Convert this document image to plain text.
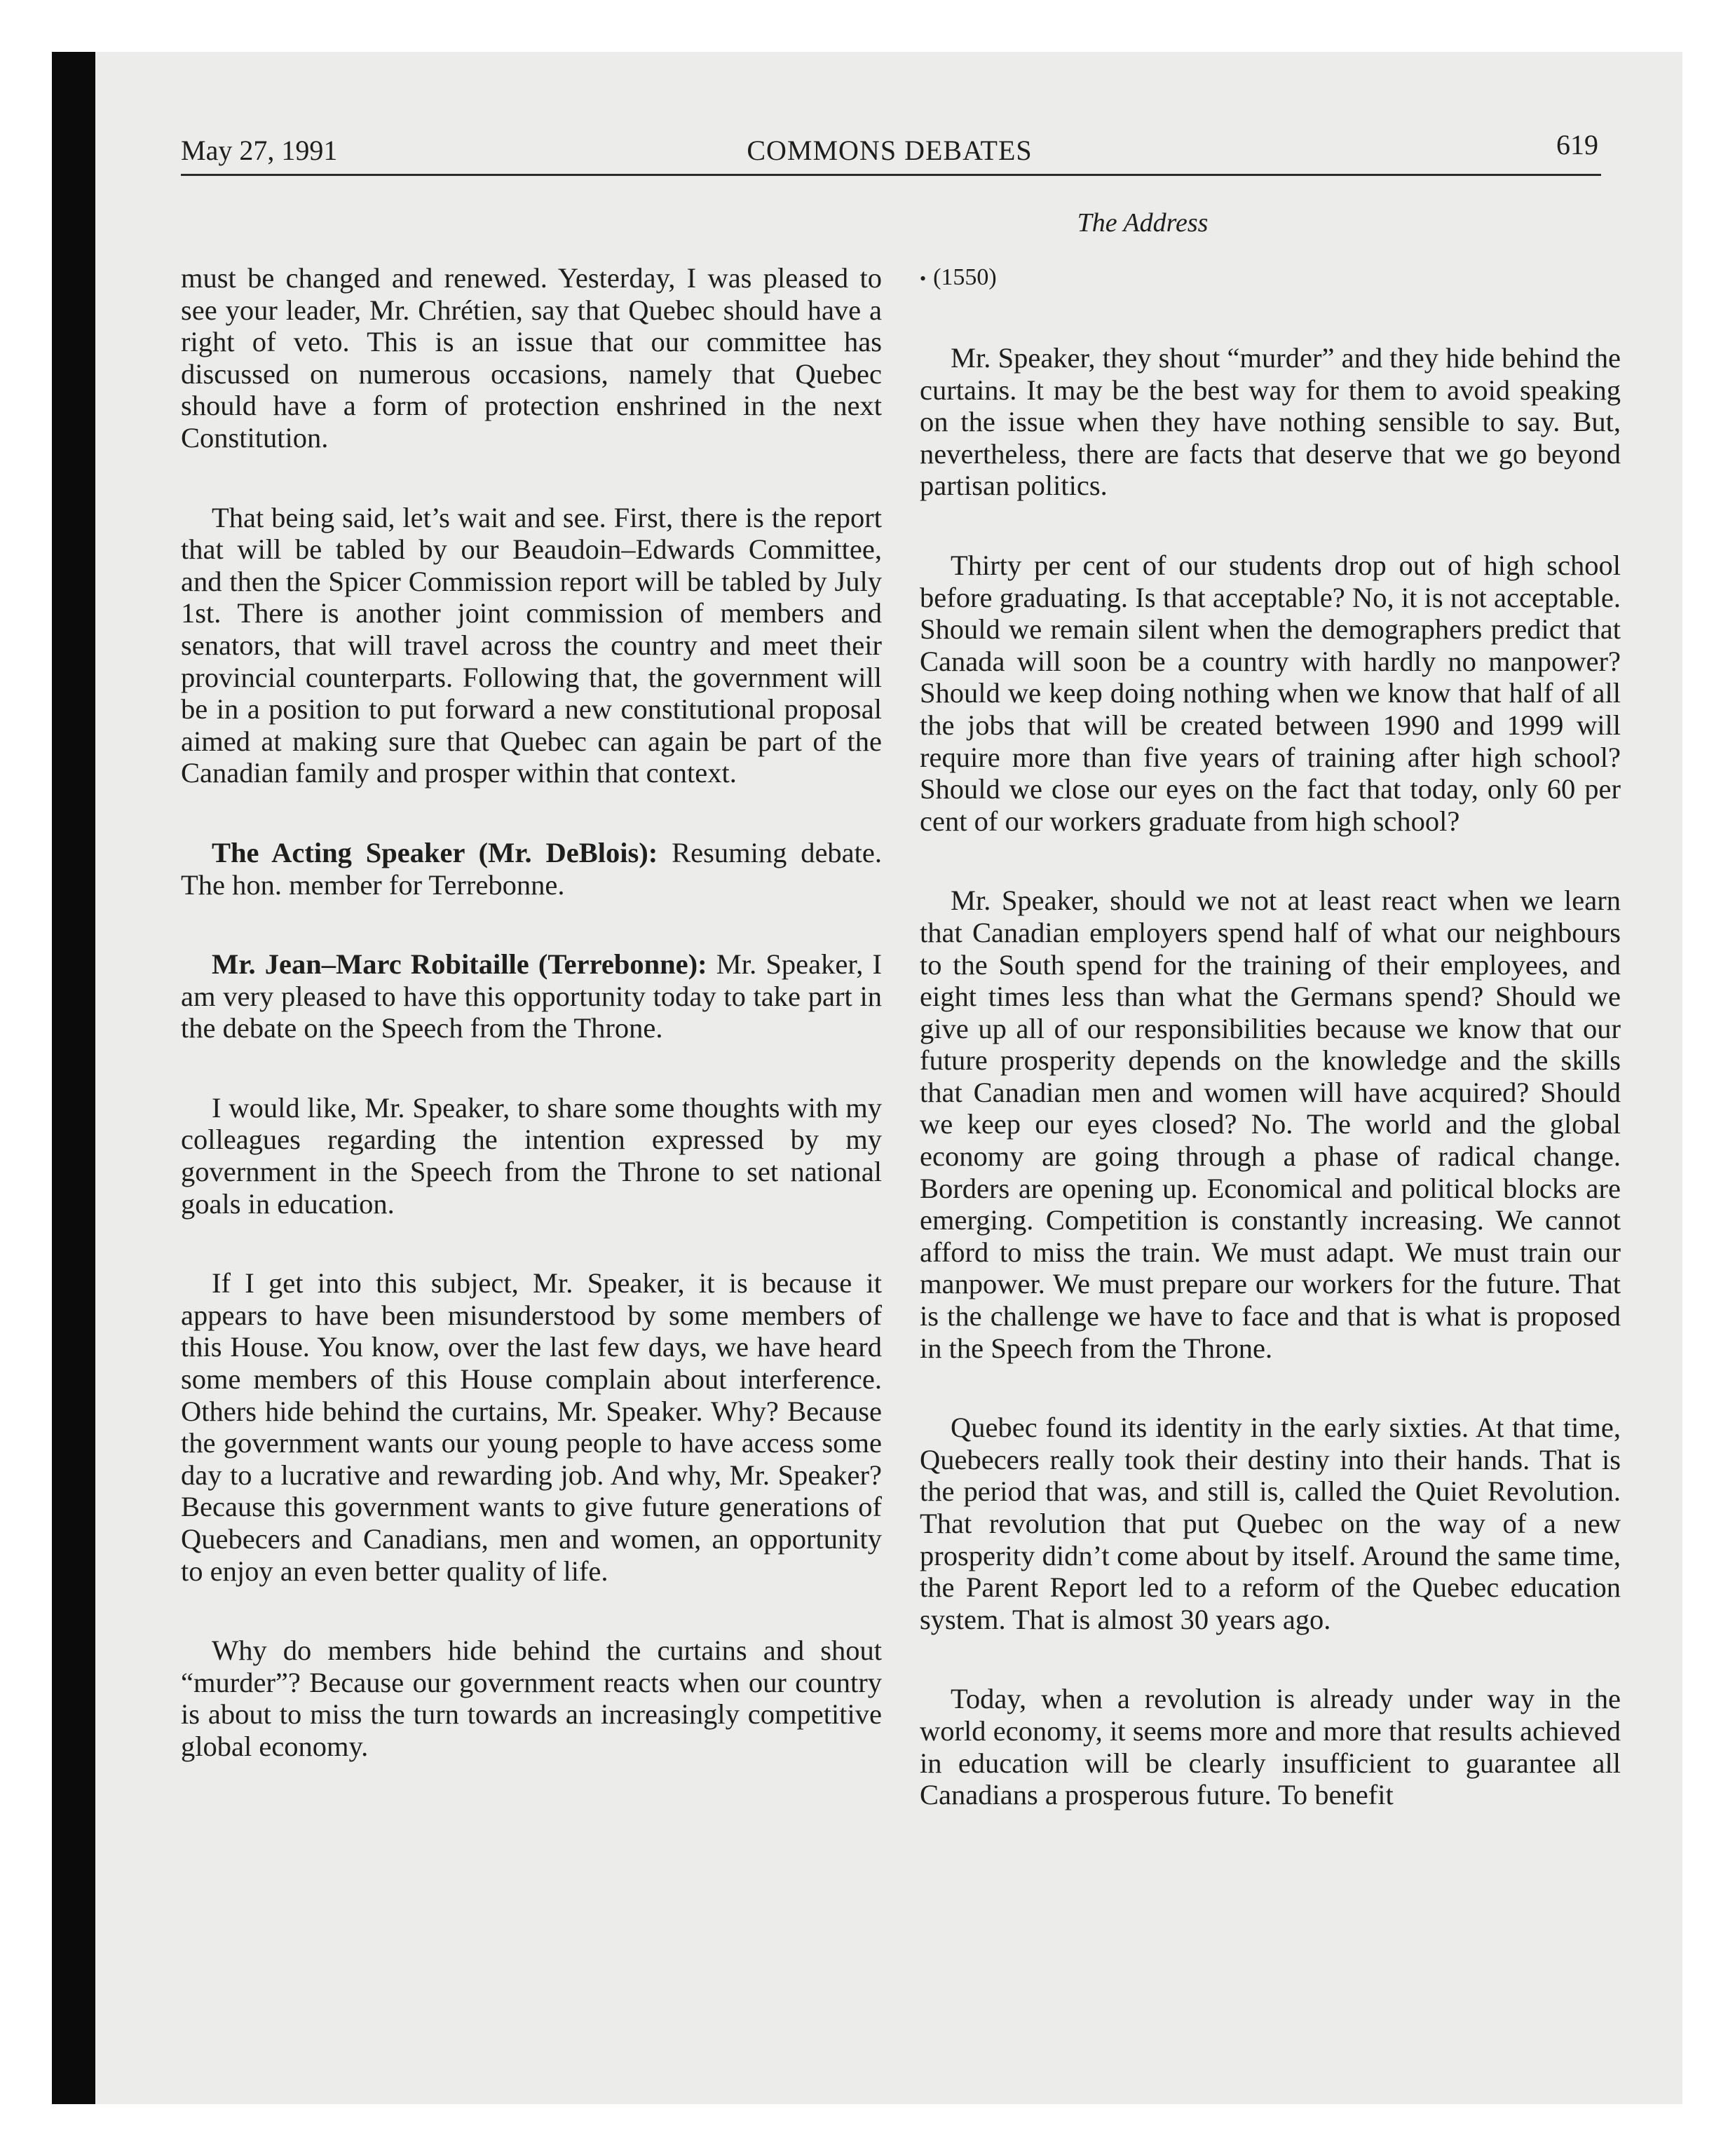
May 27, 1991	COMMONS DEBATES	619
The Address

must be changed and renewed. Yesterday, I was pleased to see your leader, Mr. Chrétien, say that Quebec should have a right of veto. This is an issue that our committee has discussed on numerous occasions, namely that Quebec should have a form of protection enshrined in the next Constitution.

That being said, let’s wait and see. First, there is the report that will be tabled by our Beaudoin–Edwards Committee, and then the Spicer Commission report will be tabled by July 1st. There is another joint commission of members and senators, that will travel across the country and meet their provincial counterparts. Following that, the government will be in a position to put forward a new constitutional proposal aimed at making sure that Quebec can again be part of the Canadian family and prosper within that context.

The Acting Speaker (Mr. DeBlois): Resuming debate. The hon. member for Terrebonne.

Mr. Jean–Marc Robitaille (Terrebonne): Mr. Speaker, I am very pleased to have this opportunity today to take part in the debate on the Speech from the Throne.

I would like, Mr. Speaker, to share some thoughts with my colleagues regarding the intention expressed by my government in the Speech from the Throne to set national goals in education.

If I get into this subject, Mr. Speaker, it is because it appears to have been misunderstood by some members of this House. You know, over the last few days, we have heard some members of this House complain about interference. Others hide behind the curtains, Mr. Speaker. Why? Because the government wants our young people to have access some day to a lucrative and rewarding job. And why, Mr. Speaker? Because this government wants to give future generations of Quebecers and Canadians, men and women, an opportunity to enjoy an even better quality of life.

Why do members hide behind the curtains and shout “murder”? Because our government reacts when our country is about to miss the turn towards an increasingly competitive global economy.

• (1550)

Mr. Speaker, they shout “murder” and they hide behind the curtains. It may be the best way for them to avoid speaking on the issue when they have nothing sensible to say. But, nevertheless, there are facts that deserve that we go beyond partisan politics.

Thirty per cent of our students drop out of high school before graduating. Is that acceptable? No, it is not acceptable. Should we remain silent when the demographers predict that Canada will soon be a country with hardly no manpower? Should we keep doing nothing when we know that half of all the jobs that will be created between 1990 and 1999 will require more than five years of training after high school? Should we close our eyes on the fact that today, only 60 per cent of our workers graduate from high school?

Mr. Speaker, should we not at least react when we learn that Canadian employers spend half of what our neighbours to the South spend for the training of their employees, and eight times less than what the Germans spend? Should we give up all of our responsibilities because we know that our future prosperity depends on the knowledge and the skills that Canadian men and women will have acquired? Should we keep our eyes closed? No. The world and the global economy are going through a phase of radical change. Borders are opening up. Economical and political blocks are emerging. Competition is constantly increasing. We cannot afford to miss the train. We must adapt. We must train our manpower. We must prepare our workers for the future. That is the challenge we have to face and that is what is proposed in the Speech from the Throne.

Quebec found its identity in the early sixties. At that time, Quebecers really took their destiny into their hands. That is the period that was, and still is, called the Quiet Revolution. That revolution that put Quebec on the way of a new prosperity didn’t come about by itself. Around the same time, the Parent Report led to a reform of the Quebec education system. That is almost 30 years ago.

Today, when a revolution is already under way in the world economy, it seems more and more that results achieved in education will be clearly insufficient to guarantee all Canadians a prosperous future. To benefit
